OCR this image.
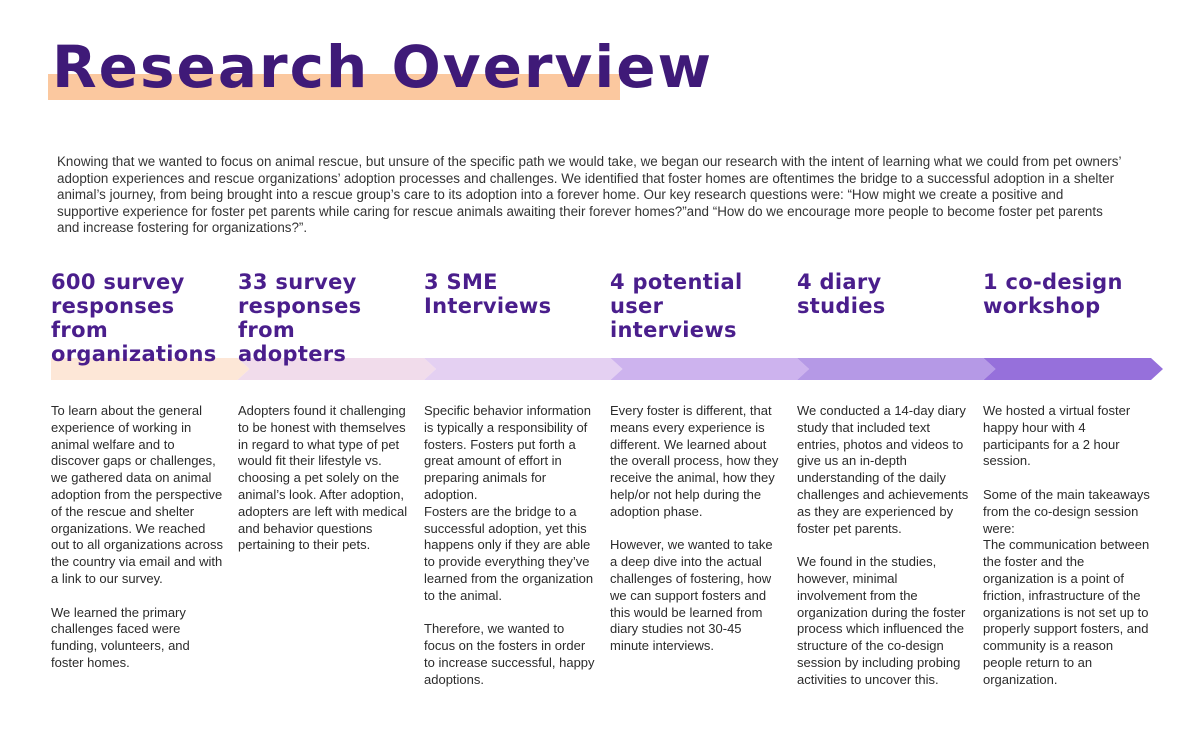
Research Overview

Knowing that we wanted to focus on animal rescue, but unsure of the specific path we would take, we began our research with the intent of learning what we could from pet owners’ adoption experiences and rescue organizations’ adoption processes and challenges. We identified that foster homes are oftentimes the bridge to a successful adoption in a shelter animal’s journey, from being brought into a rescue group’s care to its adoption into a forever home. Our key research questions were: “How might we create a positive and supportive experience for foster pet parents while caring for rescue animals awaiting their forever homes?”and “How do we encourage more people to become foster pet parents and increase fostering for organizations?”.

600 survey
responses from
organizations

To learn about the general experience of working in animal welfare and to discover gaps or challenges, we gathered data on animal adoption from the perspective of the rescue and shelter organizations. We reached out to all organizations across the country via email and with a link to our survey.

We learned the primary challenges faced were funding, volunteers, and foster homes.

33 survey
responses
from adopters

Adopters found it challenging to be honest with themselves in regard to what type of pet would fit their lifestyle vs. choosing a pet solely on the animal’s look. After adoption, adopters are left with medical and behavior questions pertaining to their pets.

3 SME
Interviews

Specific behavior information is typically a responsibility of fosters. Fosters put forth a great amount of effort in preparing animals for adoption.
Fosters are the bridge to a successful adoption, yet this happens only if they are able to provide everything they’ve learned from the organization to the animal.

Therefore, we wanted to focus on the fosters in order to increase successful, happy adoptions.

4 potential
user interviews

Every foster is different, that means every experience is different. We learned about the overall process, how they receive the animal, how they help/or not help during the adoption phase.

However, we wanted to take a deep dive into the actual challenges of fostering, how we can support fosters and this would be learned from diary studies not 30-45 minute interviews.

4 diary
studies

We conducted a 14-day diary study that included text entries, photos and videos to give us an in-depth understanding of the daily challenges and achievements as they are experienced by foster pet parents.

We found in the studies, however, minimal involvement from the organization during the foster process which influenced the structure of the co-design session by including probing activities to uncover this.

1 co-design
workshop

We hosted a virtual foster happy hour with 4 participants for a 2 hour session.

Some of the main takeaways from the co-design session were:
The communication between the foster and the organization is a point of friction, infrastructure of the organizations is not set up to properly support fosters, and
community is a reason people return to an organization.
